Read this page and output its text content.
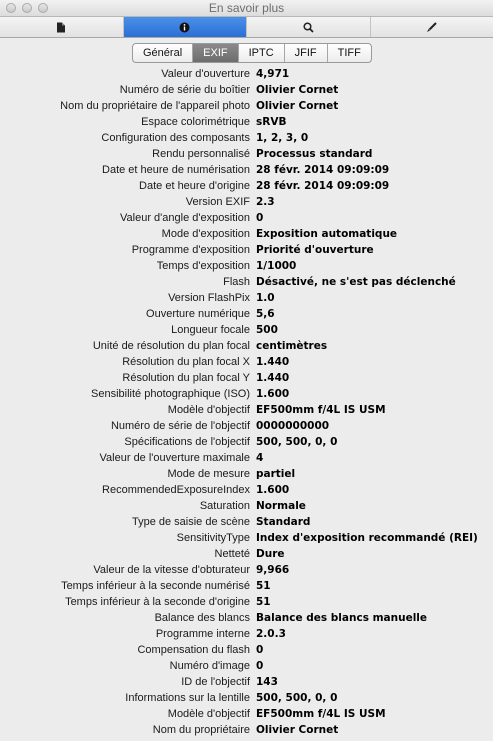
En savoir plus
Général	EXIF	IPTC	JFIF	TIFF
Valeur d'ouverture 4,971
Numéro de série du boîtier Olivier Cornet
Nom du propriétaire de l'appareil photo Olivier Cornet
Espace colorimétrique sRVB
Configuration des composants 1, 2, 3, 0
Rendu personnalisé Processus standard
Date et heure de numérisation 28 févr. 2014 09:09:09
Date et heure d'origine 28 févr. 2014 09:09:09
Version EXIF 2.3
Valeur d'angle d'exposition 0
Mode d'exposition Exposition automatique
Programme d'exposition Priorité d'ouverture
Temps d'exposition 1/1000
Flash Désactivé, ne s'est pas déclenché
Version FlashPix 1.0
Ouverture numérique 5,6
Longueur focale 500
Unité de résolution du plan focal centimètres
Résolution du plan focal X 1.440
Résolution du plan focal Y 1.440
Sensibilité photographique (ISO) 1.600
Modèle d'objectif EF500mm f/4L IS USM
Numéro de série de l'objectif 0000000000
Spécifications de l'objectif 500, 500, 0, 0
Valeur de l'ouverture maximale 4
Mode de mesure partiel
RecommendedExposureIndex 1.600
Saturation Normale
Type de saisie de scène Standard
SensitivityType Index d'exposition recommandé (REI)
Netteté Dure
Valeur de la vitesse d'obturateur 9,966
Temps inférieur à la seconde numérisé 51
Temps inférieur à la seconde d'origine 51
Balance des blancs Balance des blancs manuelle
Programme interne 2.0.3
Compensation du flash 0
Numéro d'image 0
ID de l'objectif 143
Informations sur la lentille 500, 500, 0, 0
Modèle d'objectif EF500mm f/4L IS USM
Nom du propriétaire Olivier Cornet
